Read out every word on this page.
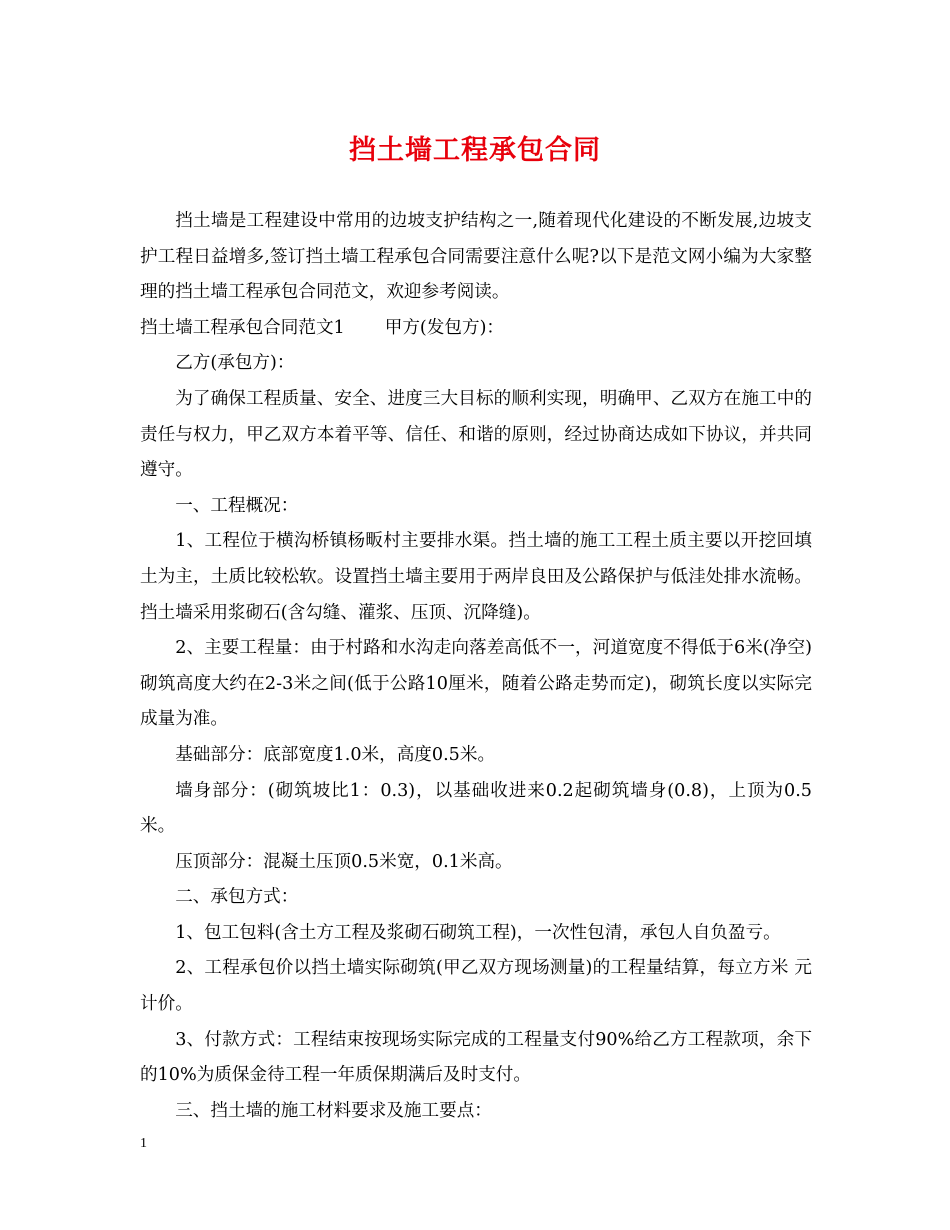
挡土墙工程承包合同

挡土墙是工程建设中常用的边坡支护结构之一,随着现代化建设的不断发展,边坡支护工程日益增多,签订挡土墙工程承包合同需要注意什么呢?以下是范文网小编为大家整理的挡土墙工程承包合同范文，欢迎参考阅读。

挡土墙工程承包合同范文1 甲方(发包方)：

乙方(承包方)：

为了确保工程质量、安全、进度三大目标的顺利实现，明确甲、乙双方在施工中的责任与权力，甲乙双方本着平等、信任、和谐的原则，经过协商达成如下协议，并共同遵守。

一、工程概况：

1、工程位于横沟桥镇杨畈村主要排水渠。挡土墙的施工工程土质主要以开挖回填土为主，土质比较松软。设置挡土墙主要用于两岸良田及公路保护与低洼处排水流畅。挡土墙采用浆砌石(含勾缝、灌浆、压顶、沉降缝)。

2、主要工程量：由于村路和水沟走向落差高低不一，河道宽度不得低于6米(净空)砌筑高度大约在2-3米之间(低于公路10厘米，随着公路走势而定)，砌筑长度以实际完成量为准。

基础部分：底部宽度1.0米，高度0.5米。

墙身部分：(砌筑坡比1：0.3)，以基础收进来0.2起砌筑墙身(0.8)，上顶为0.5米。

压顶部分：混凝土压顶0.5米宽，0.1米高。

二、承包方式：

1、包工包料(含土方工程及浆砌石砌筑工程)，一次性包清，承包人自负盈亏。

2、工程承包价以挡土墙实际砌筑(甲乙双方现场测量)的工程量结算，每立方米 元计价。

3、付款方式：工程结束按现场实际完成的工程量支付90%给乙方工程款项，余下的10%为质保金待工程一年质保期满后及时支付。

三、挡土墙的施工材料要求及施工要点：

1
